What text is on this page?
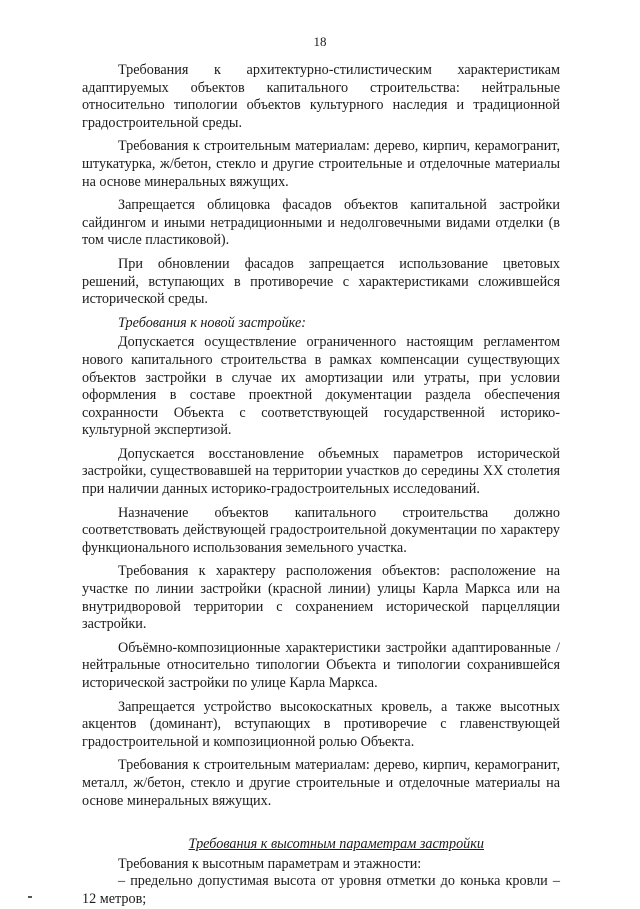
18

Требования к архитектурно-стилистическим характеристикам адаптируемых объектов капитального строительства: нейтральные относительно типологии объектов культурного наследия и традиционной градостроительной среды.

Требования к строительным материалам: дерево, кирпич, керамогранит, штукатурка, ж/бетон, стекло и другие строительные и отделочные материалы на основе минеральных вяжущих.

Запрещается облицовка фасадов объектов капитальной застройки сайдингом и иными нетрадиционными и недолговечными видами отделки (в том числе пластиковой).

При обновлении фасадов запрещается использование цветовых решений, вступающих в противоречие с характеристиками сложившейся исторической среды.

Требования к новой застройке:

Допускается осуществление ограниченного настоящим регламентом нового капитального строительства в рамках компенсации существующих объектов застройки в случае их амортизации или утраты, при условии оформления в составе проектной документации раздела обеспечения сохранности Объекта с соответствующей государственной историко-культурной экспертизой.

Допускается восстановление объемных параметров исторической застройки, существовавшей на территории участков до середины XX столетия при наличии данных историко-градостроительных исследований.

Назначение объектов капитального строительства должно соответствовать действующей градостроительной документации по характеру функционального использования земельного участка.

Требования к характеру расположения объектов: расположение на участке по линии застройки (красной линии) улицы Карла Маркса или на внутридворовой территории с сохранением исторической парцелляции застройки.

Объёмно-композиционные характеристики застройки адаптированные /нейтральные относительно типологии Объекта и типологии сохранившейся исторической застройки по улице Карла Маркса.

Запрещается устройство высокоскатных кровель, а также высотных акцентов (доминант), вступающих в противоречие с главенствующей градостроительной и композиционной ролью Объекта.

Требования к строительным материалам: дерево, кирпич, керамогранит, металл, ж/бетон, стекло и другие строительные и отделочные материалы на основе минеральных вяжущих.

Требования к высотным параметрам застройки

Требования к высотным параметрам и этажности:

– предельно допустимая высота от уровня отметки до конька кровли – 12 метров;
